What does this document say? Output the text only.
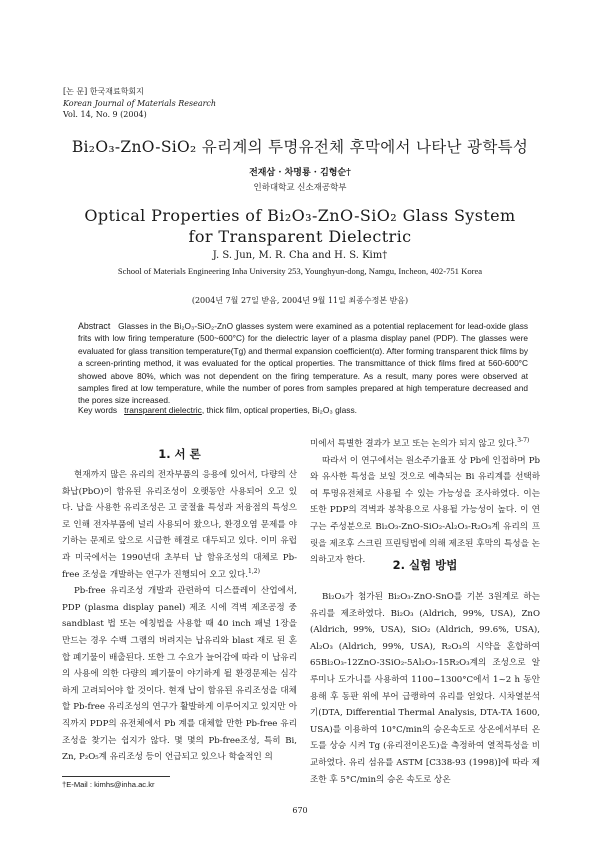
[논 문] 한국재료학회지
Korean Journal of Materials Research
Vol. 14, No. 9 (2004)
Bi₂O₃-ZnO-SiO₂ 유리계의 투명유전체 후막에서 나타난 광학특성
전재삼 · 차명룡 · 김형순†
인하대학교 신소재공학부
Optical Properties of Bi₂O₃-ZnO-SiO₂ Glass System
for Transparent Dielectric
J. S. Jun, M. R. Cha and H. S. Kim†
School of Materials Engineering Inha University 253, Younghyun-dong, Namgu, Incheon, 402-751 Korea
(2004년 7월 27일 받음, 2004년 9월 11일 최종수정본 받음)
Abstract Glasses in the Bi₂O₃-SiO₂-ZnO glasses system were examined as a potential replacement for lead-oxide glass frits with low firing temperature (500~600°C) for the dielectric layer of a plasma display panel (PDP). The glasses were evaluated for glass transition temperature(Tg) and thermal expansion coefficient(α). After forming transparent thick films by a screen-printing method, it was evaluated for the optical properties. The transmittance of thick films fired at 560-600°C showed above 80%, which was not dependent on the firing temperature. As a result, many pores were observed at samples fired at low temperature, while the number of pores from samples prepared at high temperature decreased and the pores size increased.
Key words transparent dielectric, thick film, optical properties, Bi₂O₃ glass.
1. 서 론

현재까지 많은 유리의 전자부품의 응용에 있어서, 다량의 산화납(PbO)이 함유된 유리조성이 오랫동안 사용되어 오고 있다. 납을 사용한 유리조성은 고 굴절율 특성과 저융점의 특성으로 인해 전자부품에 널리 사용되어 왔으나, 환경오염 문제를 야기하는 문제로 앞으로 시급한 해결로 대두되고 있다. 이미 유럽과 미국에서는 1990년대 초부터 납 함유조성의 대체로 Pb-free 조성을 개발하는 연구가 진행되어 오고 있다.$^{1,2)}$

Pb-free 유리조성 개발과 관련하여 디스플레이 산업에서, PDP (plasma display panel) 제조 시에 격벽 제조공정 중 sandblast 법 또는 에칭법을 사용할 때 40 inch 패널 1장을 만드는 경우 수백 그램의 버려지는 납유리와 blast 재로 된 혼합 폐기물이 배출된다. 또한 그 수요가 늘어감에 따라 이 납유리의 사용에 의한 다량의 폐기물이 야기하게 될 환경문제는 심각하게 고려되어야 할 것이다. 현재 납이 함유된 유리조성을 대체할 Pb-free 유리조성의 연구가 활발하게 이루어지고 있지만 아직까지 PDP의 유전체에서 Pb 계를 대체할 만한 Pb-free 유리조성을 찾기는 쉽지가 않다. 몇 몇의 Pb-free조성, 특히 Bi, Zn, P₂O₅계 유리조성 등이 언급되고 있으나 학술적인 의

미에서 특별한 결과가 보고 또는 논의가 되지 않고 있다.$^{3-7)}$

따라서 이 연구에서는 원소주기율표 상 Pb에 인접하며 Pb와 유사한 특성을 보일 것으로 예측되는 Bi 유리계를 선택하여 투명유전체로 사용될 수 있는 가능성을 조사하였다. 이는 또한 PDP의 격벽과 봉착용으로 사용될 가능성이 높다. 이 연구는 주성분으로 Bi₂O₃-ZnO-SiO₂-Al₂O₃-R₂O₃계 유리의 프릿을 제조후 스크린 프린팅법에 의해 제조된 후막의 특성을 논의하고자 한다.	2. 실험 방법

Bi₂O₃가 첨가된 Bi₂O₃-ZnO-SnO를 기본 3원계로 하는 유리를 제조하였다. Bi₂O₃ (Aldrich, 99%, USA), ZnO (Aldrich, 99%, USA), SiO₂ (Aldrich, 99.6%, USA), Al₂O₃ (Aldrich, 99%, USA), R₂O₃의 시약을 혼합하여 65Bi₂O₃-12ZnO-3SiO₂-5Al₂O₃-15R₂O₃계의 조성으로 알루미나 도가니를 사용하여 1100~1300°C에서 1~2 h 동안 용해 후 동판 위에 부어 급랭하여 유리를 얻었다. 시차열분석기(DTA, Differential Thermal Analysis, DTA-TA 1600, USA)를 이용하여 10°C/min의 승온속도로 상온에서부터 온도를 상승 시켜 Tg (유리전이온도)을 측정하여 열적특성을 비교하였다. 유리 섬유를 ASTM [C338-93 (1998)]에 따라 제조한 후 5°C/min의 승온 속도로 상온

†E-Mail : kimhs@inha.ac.kr
670
